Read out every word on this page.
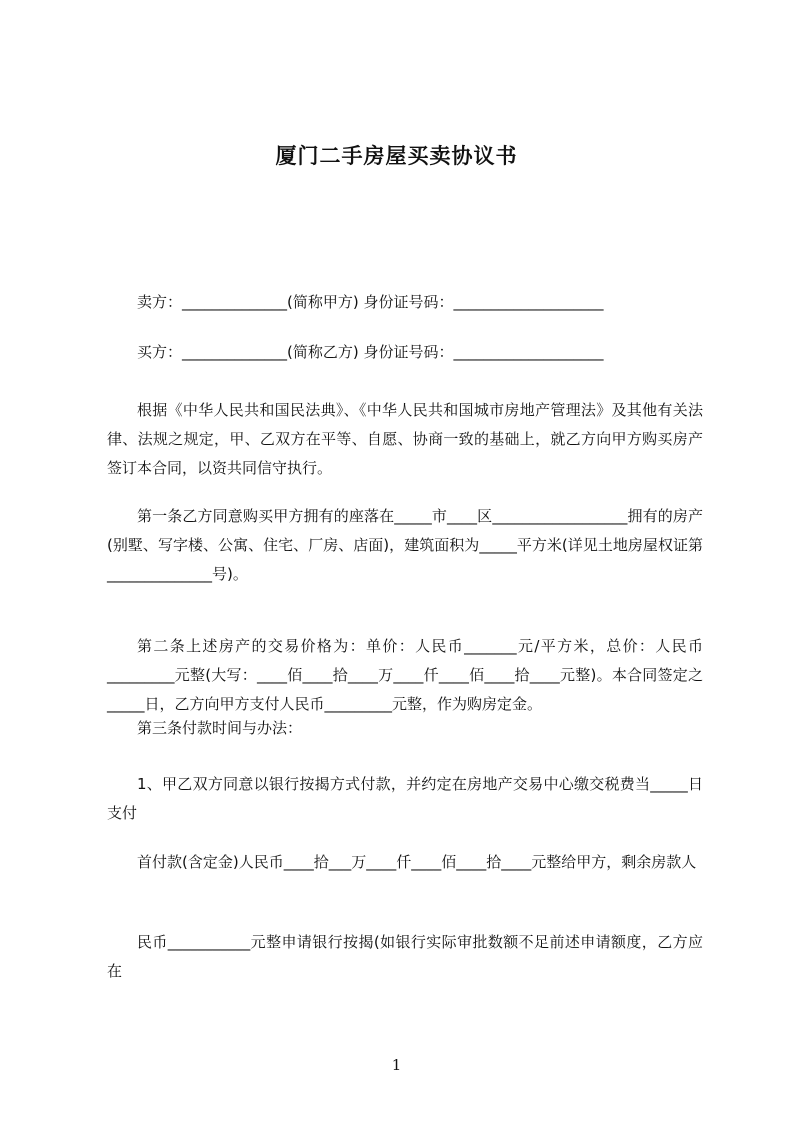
厦门二手房屋买卖协议书
卖方：______________(简称甲方) 身份证号码：____________________
买方：______________(简称乙方) 身份证号码：____________________
根据《中华人民共和国民法典》、《中华人民共和国城市房地产管理法》及其他有关法律、法规之规定，甲、乙双方在平等、自愿、协商一致的基础上，就乙方向甲方购买房产签订本合同，以资共同信守执行。
第一条乙方同意购买甲方拥有的座落在_____市____区__________________拥有的房产(别墅、写字楼、公寓、住宅、厂房、店面)，建筑面积为_____平方米(详见土地房屋权证第______________号)。
第二条上述房产的交易价格为：单价：人民币_______元/平方米，总价：人民币_________元整(大写：____佰____拾____万____仟____佰____拾____元整)。本合同签定之_____日，乙方向甲方支付人民币_________元整，作为购房定金。
第三条付款时间与办法：
1、甲乙双方同意以银行按揭方式付款，并约定在房地产交易中心缴交税费当_____日支付
首付款(含定金)人民币____拾___万____仟____佰____拾____元整给甲方，剩余房款人
民币___________元整申请银行按揭(如银行实际审批数额不足前述申请额度，乙方应在
1
